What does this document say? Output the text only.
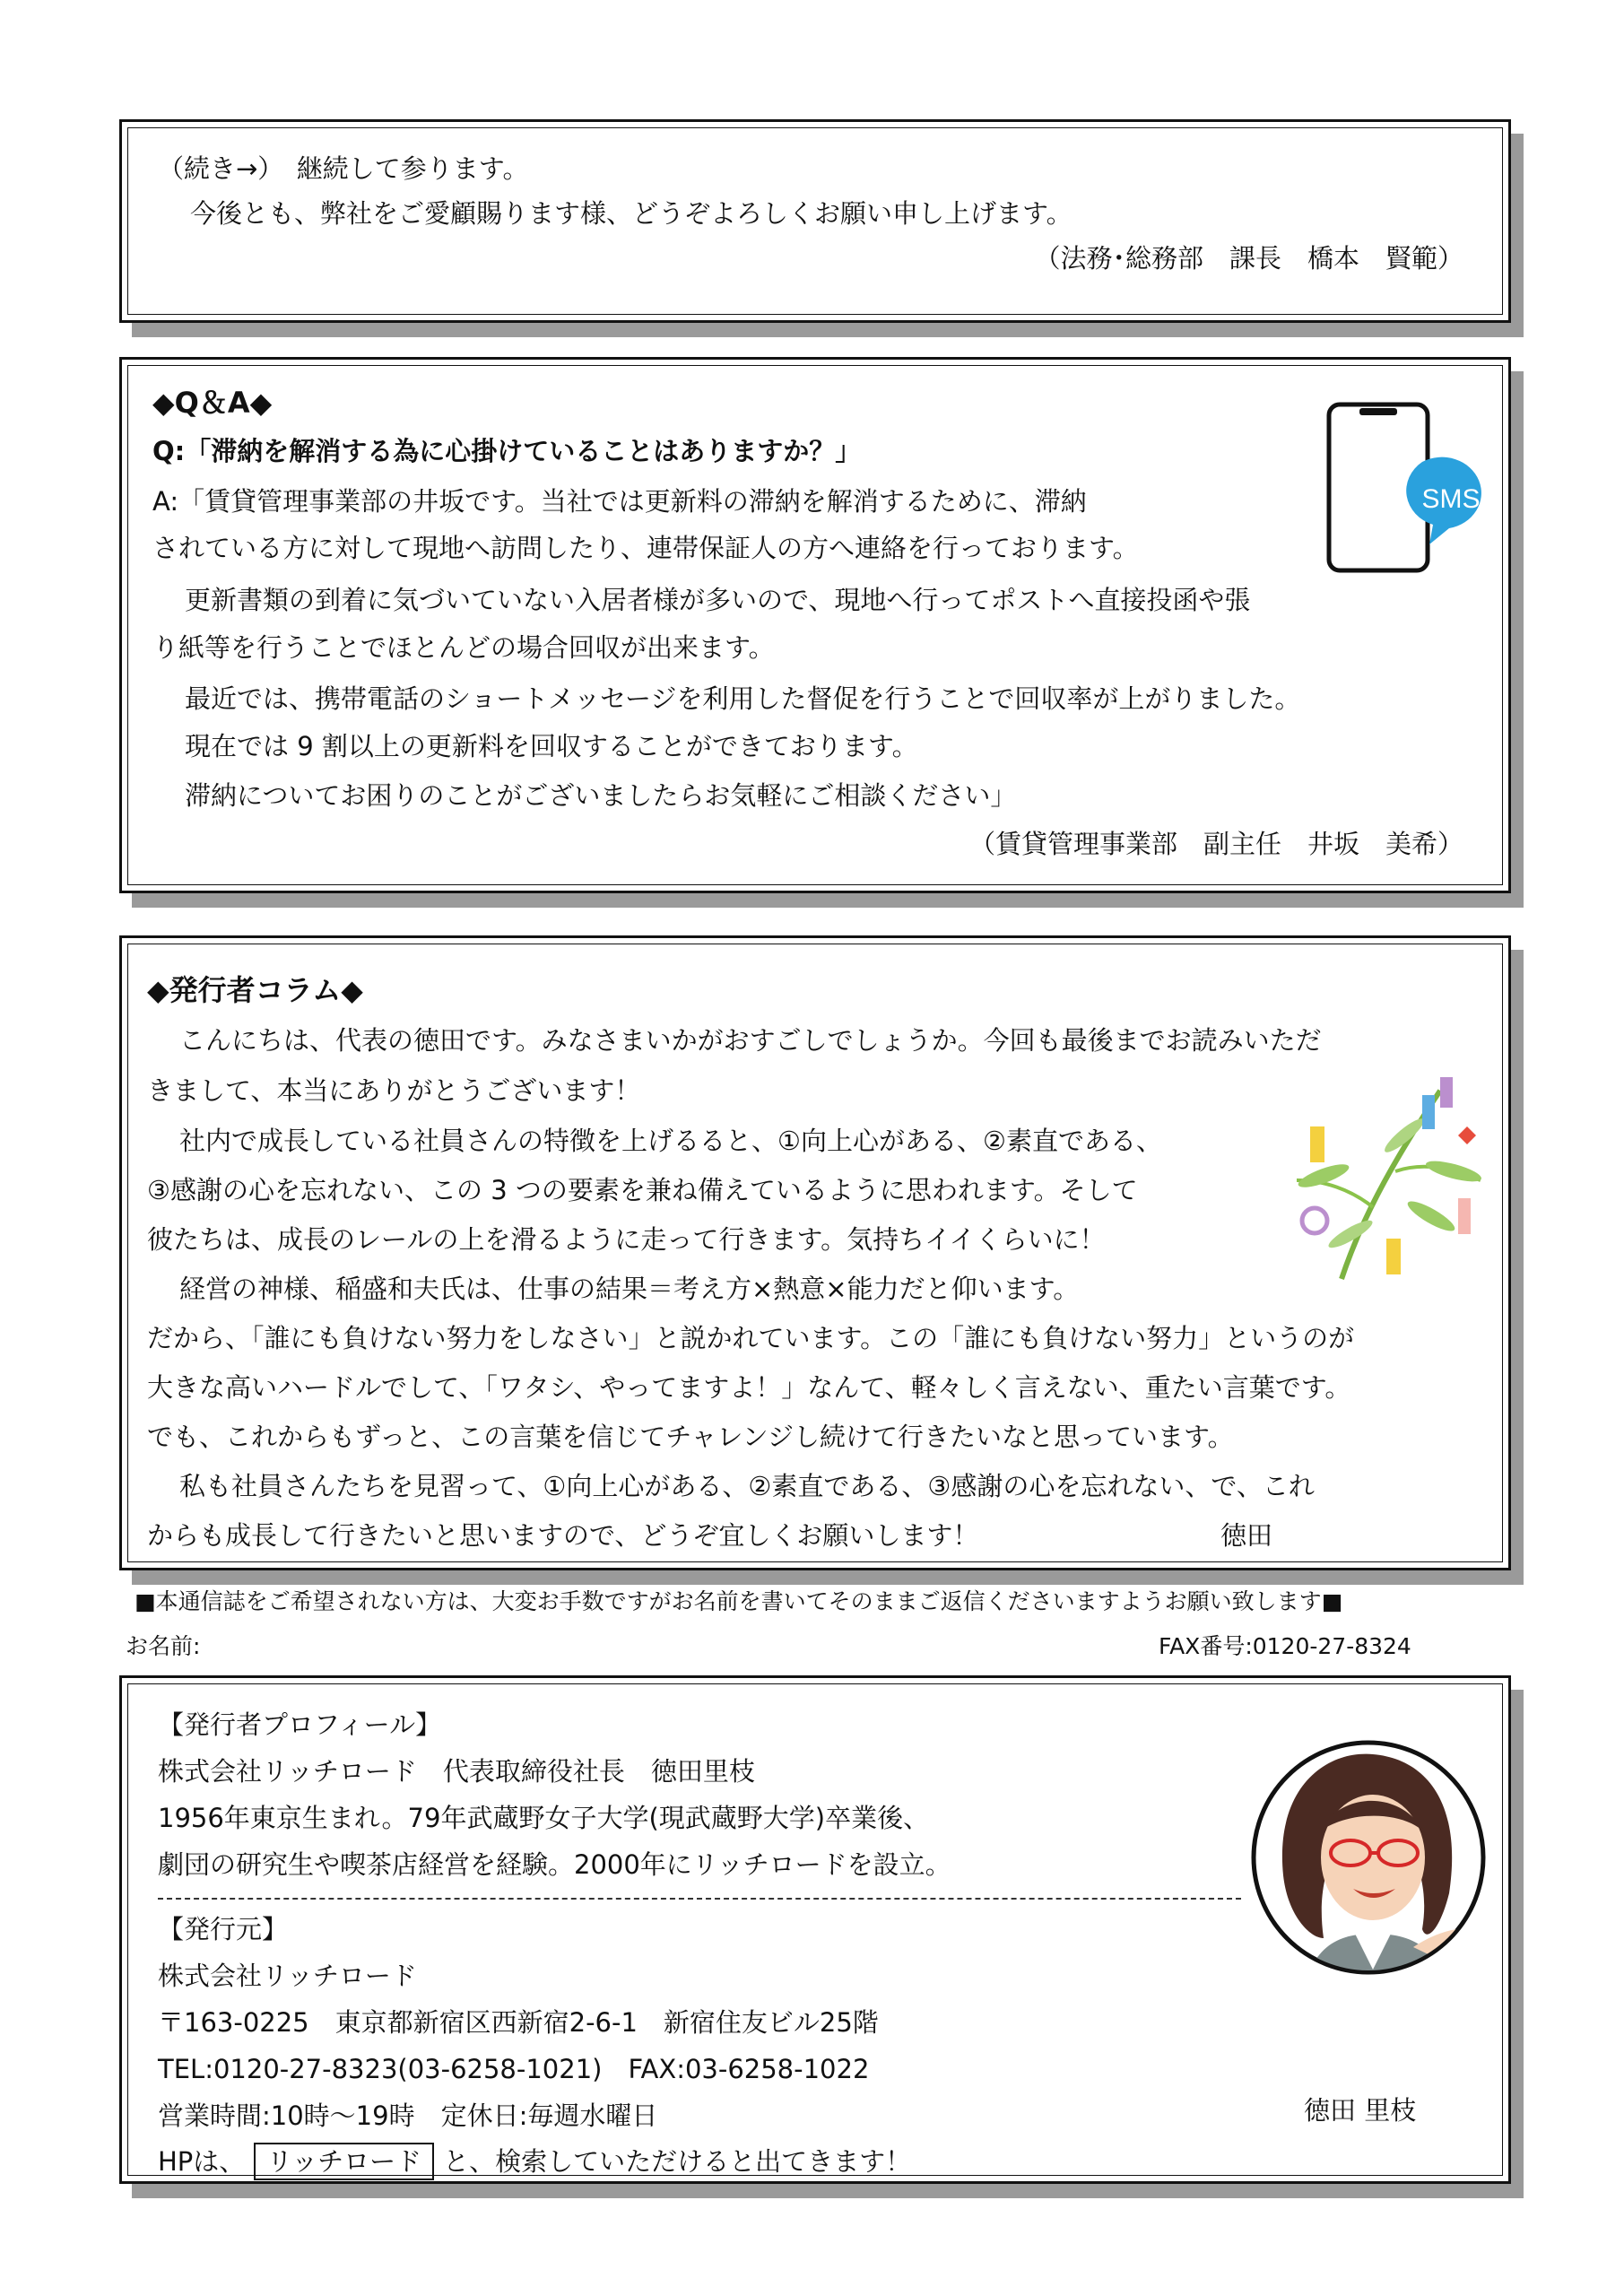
（続き→）　継続して参ります。
今後とも、弊社をご愛顧賜ります様、どうぞよろしくお願い申し上げます。
（法務･総務部　課長　橋本　賢範）
◆Q＆A◆
Q:「滞納を解消する為に心掛けていることはありますか？」
A:「賃貸管理事業部の井坂です。当社では更新料の滞納を解消するために、滞納
されている方に対して現地へ訪問したり、連帯保証人の方へ連絡を行っております。
更新書類の到着に気づいていない入居者様が多いので、現地へ行ってポストへ直接投函や張
り紙等を行うことでほとんどの場合回収が出来ます。
最近では、携帯電話のショートメッセージを利用した督促を行うことで回収率が上がりました。
現在では 9 割以上の更新料を回収することができております。
滞納についてお困りのことがございましたらお気軽にご相談ください」
（賃貸管理事業部　副主任　井坂　美希）
SMS
◆発行者コラム◆
こんにちは、代表の徳田です。みなさまいかがおすごしでしょうか。今回も最後までお読みいただ
きまして、本当にありがとうございます！
社内で成長している社員さんの特徴を上げるると、①向上心がある、②素直である、
③感謝の心を忘れない、この 3 つの要素を兼ね備えているように思われます。そして
彼たちは、成長のレールの上を滑るように走って行きます。気持ちイイくらいに！
経営の神様、稲盛和夫氏は、仕事の結果＝考え方×熱意×能力だと仰います。
だから、「誰にも負けない努力をしなさい」と説かれています。この「誰にも負けない努力」というのが
大きな高いハードルでして、「ワタシ、やってますよ！」なんて、軽々しく言えない、重たい言葉です。
でも、これからもずっと、この言葉を信じてチャレンジし続けて行きたいなと思っています。
私も社員さんたちを見習って、①向上心がある、②素直である、③感謝の心を忘れない、で、これ
からも成長して行きたいと思いますので、どうぞ宜しくお願いします！	徳田
■本通信誌をご希望されない方は、大変お手数ですがお名前を書いてそのままご返信くださいますようお願い致します■
お名前:	FAX番号:0120-27-8324
【発行者プロフィール】
株式会社リッチロード　代表取締役社長　徳田里枝
1956年東京生まれ。79年武蔵野女子大学(現武蔵野大学)卒業後、
劇団の研究生や喫茶店経営を経験。2000年にリッチロードを設立。
【発行元】
株式会社リッチロード
〒163-0225　東京都新宿区西新宿2-6-1　新宿住友ビル25階
TEL:0120-27-8323(03-6258-1021)　FAX:03-6258-1022
営業時間:10時〜19時　定休日:毎週水曜日
HPは、 リッチロード と、検索していただけると出てきます！
徳田 里枝
